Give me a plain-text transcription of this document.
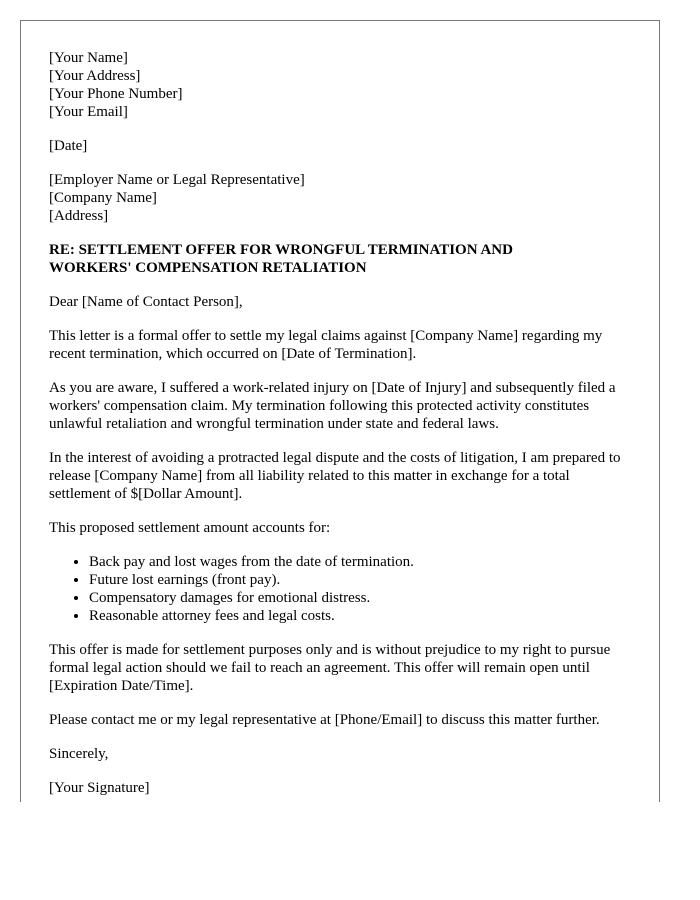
[Your Name]
[Your Address]
[Your Phone Number]
[Your Email]
[Date]
[Employer Name or Legal Representative]
[Company Name]
[Address]
RE: SETTLEMENT OFFER FOR WRONGFUL TERMINATION AND
WORKERS' COMPENSATION RETALIATION

Dear [Name of Contact Person],

This letter is a formal offer to settle my legal claims against [Company Name] regarding my recent termination, which occurred on [Date of Termination].

As you are aware, I suffered a work-related injury on [Date of Injury] and subsequently filed a workers' compensation claim. My termination following this protected activity constitutes unlawful retaliation and wrongful termination under state and federal laws.

In the interest of avoiding a protracted legal dispute and the costs of litigation, I am prepared to release [Company Name] from all liability related to this matter in exchange for a total settlement of $[Dollar Amount].

This proposed settlement amount accounts for:

• Back pay and lost wages from the date of termination.
• Future lost earnings (front pay).
• Compensatory damages for emotional distress.
• Reasonable attorney fees and legal costs.

This offer is made for settlement purposes only and is without prejudice to my right to pursue formal legal action should we fail to reach an agreement. This offer will remain open until [Expiration Date/Time].

Please contact me or my legal representative at [Phone/Email] to discuss this matter further.

Sincerely,

[Your Signature]
